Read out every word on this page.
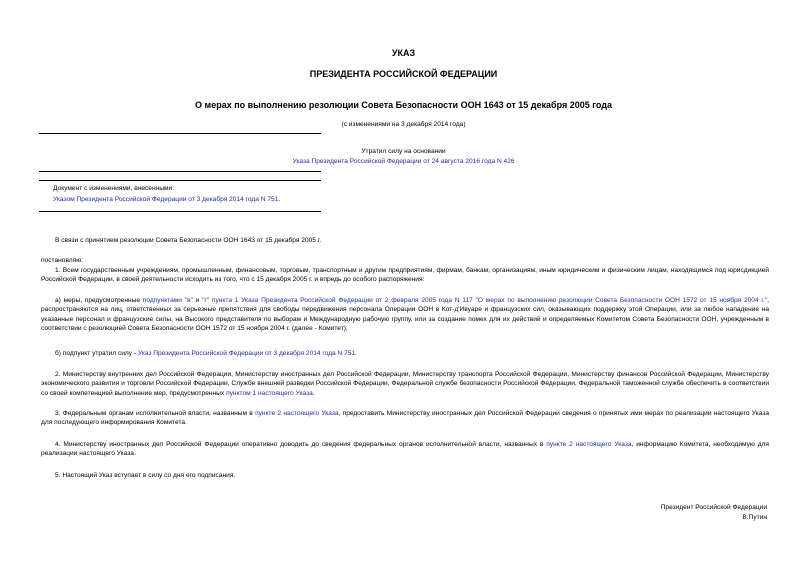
УКАЗ
ПРЕЗИДЕНТА РОССИЙСКОЙ ФЕДЕРАЦИИ
О мерах по выполнению резолюции Совета Безопасности ООН 1643 от 15 декабря 2005 года
(с изменениями на 3 декабря 2014 года)
Утратил силу на основании
Указа Президента Российской Федерации от 24 августа 2016 года N 426
Документ с изменениями, внесенными:
Указом Президента Российской Федерации от 3 декабря 2014 года N 751.
В связи с принятием резолюции Совета Безопасности ООН 1643 от 15 декабря 2005 г.
постановляю:
1. Всем государственным учреждениям, промышленным, финансовым, торговым, транспортным и другим предприятиям, фирмам, банкам, организациям, иным юридическим и физическим лицам, находящимся под юрисдикцией Российской Федерации, в своей деятельности исходить из того, что с 15 декабря 2005 г. и впредь до особого распоряжения:
а) меры, предусмотренные подпунктами "в" и "г" пункта 1 Указа Президента Российской Федерации от 2 февраля 2005 года N 117 "О мерах по выполнению резолюции Совета Безопасности ООН 1572 от 15 ноября 2004 г.", распространяются на лиц, ответственных за серьезные препятствия для свободы передвижения персонала Операции ООН в Кот-д'Ивуаре и французских сил, оказывающих поддержку этой Операции, или за любое нападение на указанные персонал и французские силы, на Высокого представителя по выборам и Международную рабочую группу, или за создание помех для их действий и определяемых Комитетом Совета Безопасности ООН, учрежденным в соответствии с резолюцией Совета Безопасности ООН 1572 от 15 ноября 2004 г. (далее - Комитет);
б) подпункт утратил силу - Указ Президента Российской Федерации от 3 декабря 2014 года N 751.
2. Министерству внутренних дел Российской Федерации, Министерству иностранных дел Российской Федерации, Министерству транспорта Российской Федерации, Министерству финансов Российской Федерации, Министерству экономического развития и торговли Российской Федерации, Службе внешней разведки Российской Федерации, Федеральной службе безопасности Российской Федерации, Федеральной таможенной службе обеспечить в соответствии со своей компетенцией выполнение мер, предусмотренных пунктом 1 настоящего Указа.
3. Федеральным органам исполнительной власти, названным в пункте 2 настоящего Указа, предоставить Министерству иностранных дел Российской Федерации сведения о принятых ими мерах по реализации настоящего Указа для последующего информирования Комитета.
4. Министерству иностранных дел Российской Федерации оперативно доводить до сведения федеральных органов исполнительной власти, названных в пункте 2 настоящего Указа, информацию Комитета, необходимую для реализации настоящего Указа.
5. Настоящий Указ вступает в силу со дня его подписания.
Президент Российской Федерации
В.Путин
